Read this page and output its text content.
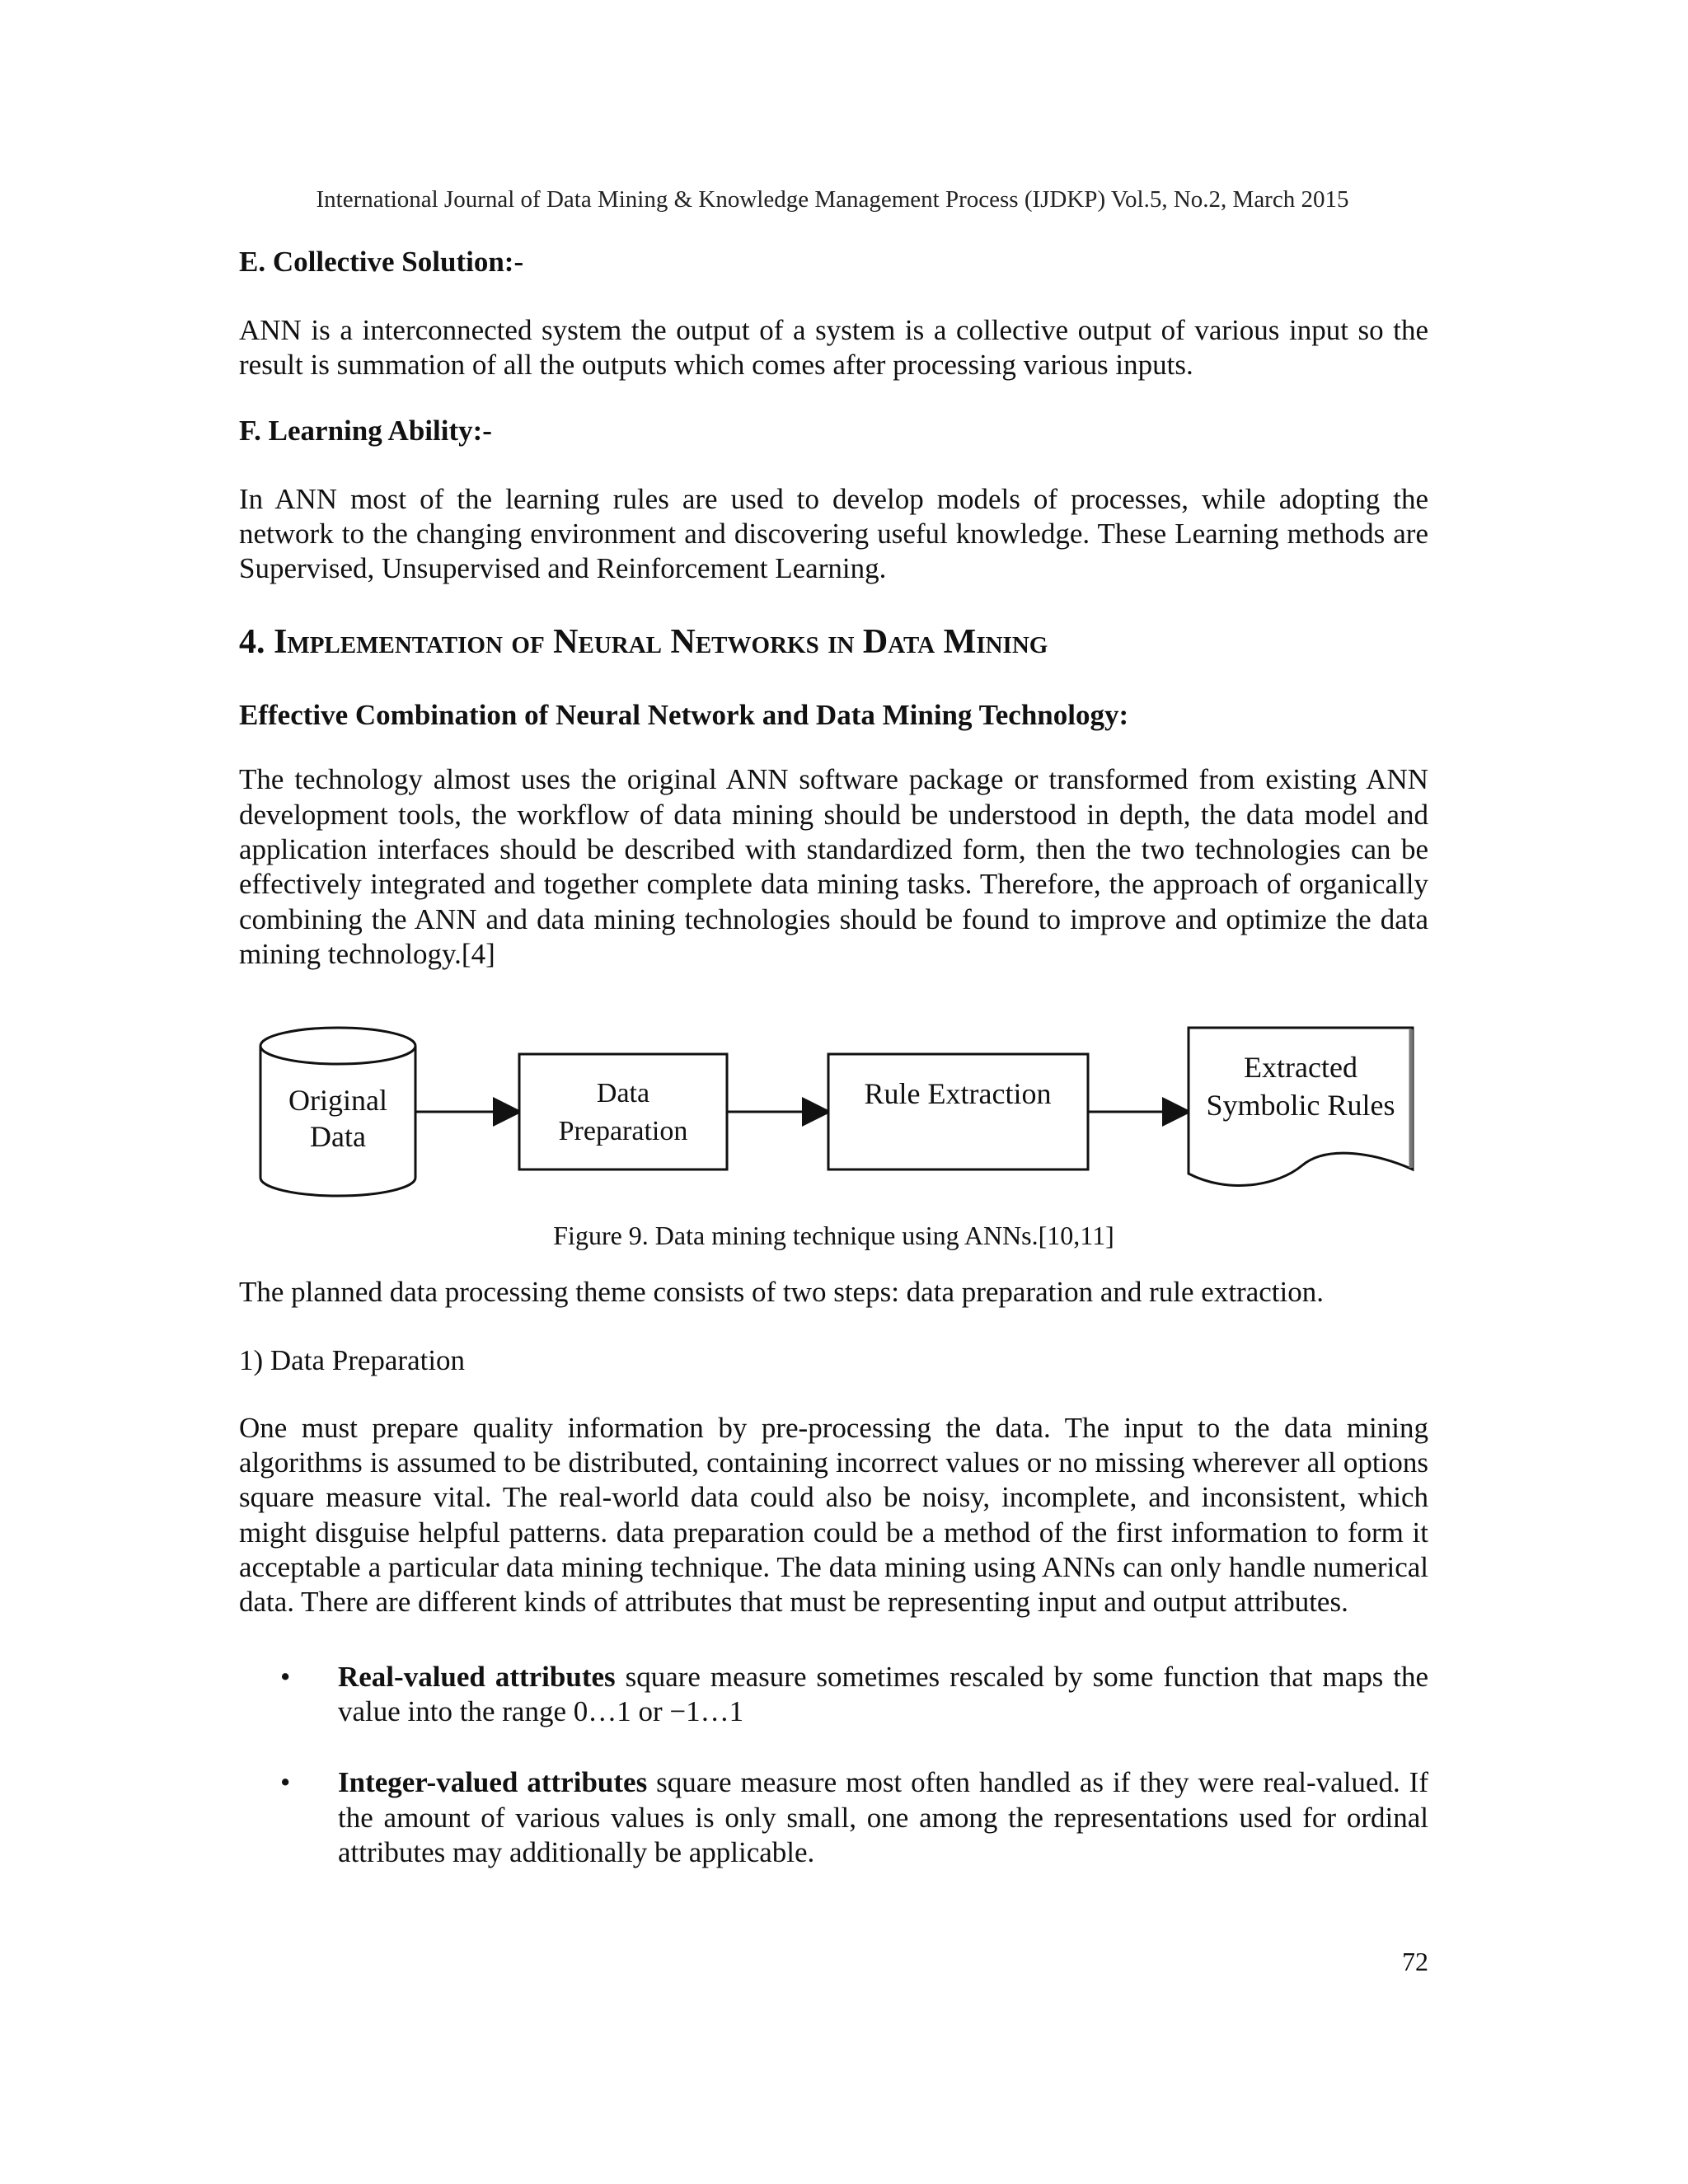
International Journal of Data Mining & Knowledge Management Process (IJDKP) Vol.5, No.2, March 2015
E. Collective Solution:-

ANN is a interconnected system the output of a system is a collective output of various input so the result is summation of all the outputs which comes after processing various inputs.

F. Learning Ability:-

In ANN most of the learning rules are used to develop models of processes, while adopting the network to the changing environment and discovering useful knowledge. These Learning methods are Supervised, Unsupervised and Reinforcement Learning.

4. Implementation of Neural Networks in Data Mining
Effective Combination of Neural Network and Data Mining Technology:

The technology almost uses the original ANN software package or transformed from existing ANN development tools, the workflow of data mining should be understood in depth, the data model and application interfaces should be described with standardized form, then the two technologies can be effectively integrated and together complete data mining tasks. Therefore, the approach of organically combining the ANN and data mining technologies should be found to improve and optimize the data mining technology.[4]

Original
Data
Data
Preparation
Rule Extraction
Extracted
Symbolic Rules
Figure 9. Data mining technique using ANNs.[10,11]

The planned data processing theme consists of two steps: data preparation and rule extraction.

1) Data Preparation

One must prepare quality information by pre-processing the data. The input to the data mining algorithms is assumed to be distributed, containing incorrect values or no missing wherever all options square measure vital. The real-world data could also be noisy, incomplete, and inconsistent, which might disguise helpful patterns. data preparation could be a method of the first information to form it acceptable a particular data mining technique. The data mining using ANNs can only handle numerical data. There are different kinds of attributes that must be representing input and output attributes.

• Real-valued attributes square measure sometimes rescaled by some function that maps the value into the range 0…1 or −1…1
• Integer-valued attributes square measure most often handled as if they were real-valued. If the amount of various values is only small, one among the representations used for ordinal attributes may additionally be applicable.
72
